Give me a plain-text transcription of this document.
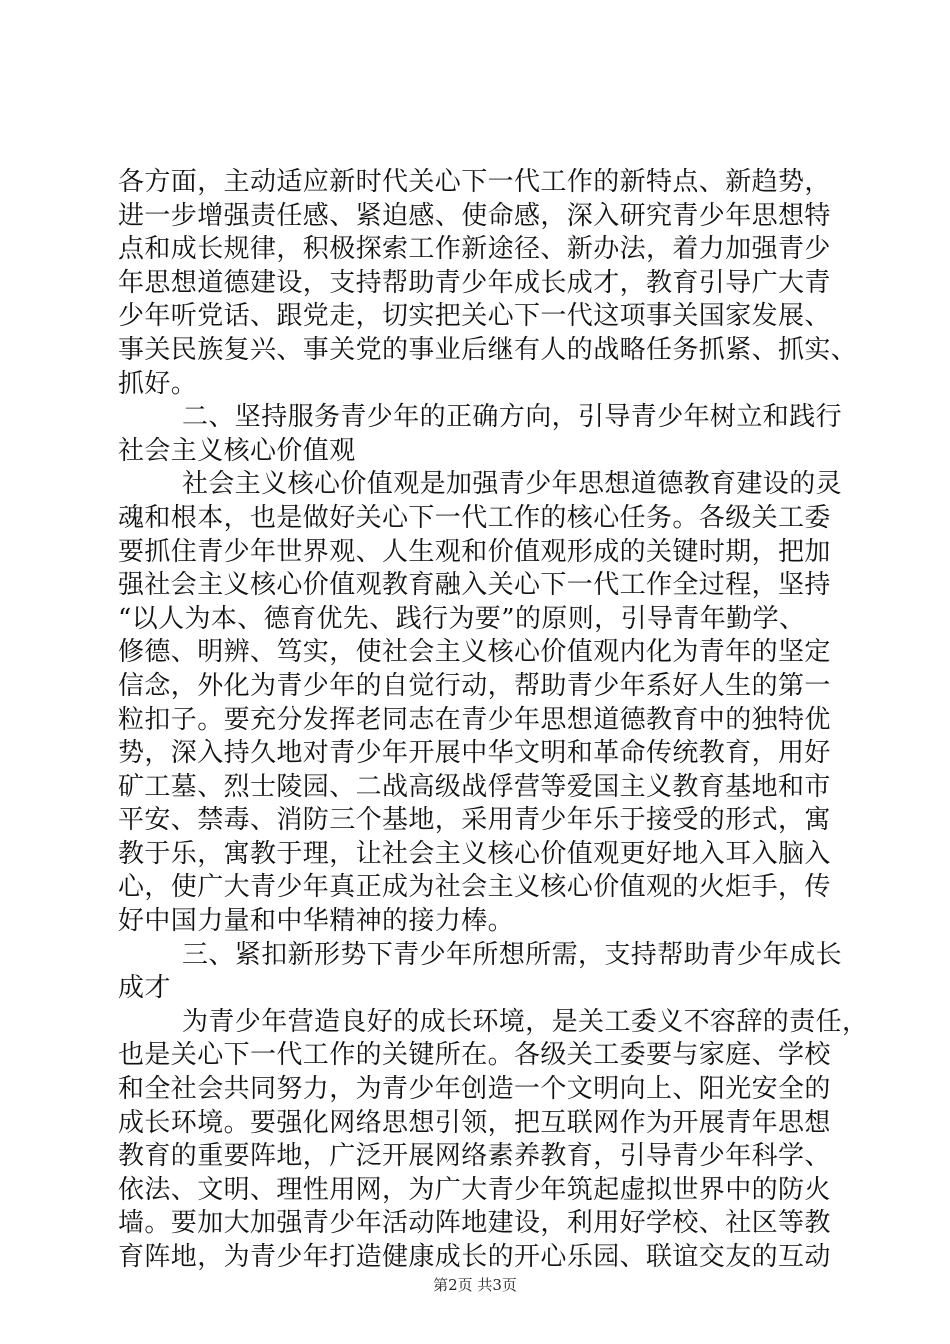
各方面，主动适应新时代关心下一代工作的新特点、新趋势，
进一步增强责任感、紧迫感、使命感，深入研究青少年思想特
点和成长规律，积极探索工作新途径、新办法，着力加强青少
年思想道德建设，支持帮助青少年成长成才，教育引导广大青
少年听党话、跟党走，切实把关心下一代这项事关国家发展、
事关民族复兴、事关党的事业后继有人的战略任务抓紧、抓实、
抓好。
二、坚持服务青少年的正确方向，引导青少年树立和践行
社会主义核心价值观
社会主义核心价值观是加强青少年思想道德教育建设的灵
魂和根本，也是做好关心下一代工作的核心任务。各级关工委
要抓住青少年世界观、人生观和价值观形成的关键时期，把加
强社会主义核心价值观教育融入关心下一代工作全过程，坚持
“以人为本、德育优先、践行为要”的原则，引导青年勤学、
修德、明辨、笃实，使社会主义核心价值观内化为青年的坚定
信念，外化为青少年的自觉行动，帮助青少年系好人生的第一
粒扣子。要充分发挥老同志在青少年思想道德教育中的独特优
势，深入持久地对青少年开展中华文明和革命传统教育，用好
矿工墓、烈士陵园、二战高级战俘营等爱国主义教育基地和市
平安、禁毒、消防三个基地，采用青少年乐于接受的形式，寓
教于乐，寓教于理，让社会主义核心价值观更好地入耳入脑入
心，使广大青少年真正成为社会主义核心价值观的火炬手，传
好中国力量和中华精神的接力棒。
三、紧扣新形势下青少年所想所需，支持帮助青少年成长
成才
为青少年营造良好的成长环境，是关工委义不容辞的责任，
也是关心下一代工作的关键所在。各级关工委要与家庭、学校
和全社会共同努力，为青少年创造一个文明向上、阳光安全的
成长环境。要强化网络思想引领，把互联网作为开展青年思想
教育的重要阵地，广泛开展网络素养教育，引导青少年科学、
依法、文明、理性用网，为广大青少年筑起虚拟世界中的防火
墙。要加大加强青少年活动阵地建设，利用好学校、社区等教
育阵地，为青少年打造健康成长的开心乐园、联谊交友的互动
第2页 共3页
